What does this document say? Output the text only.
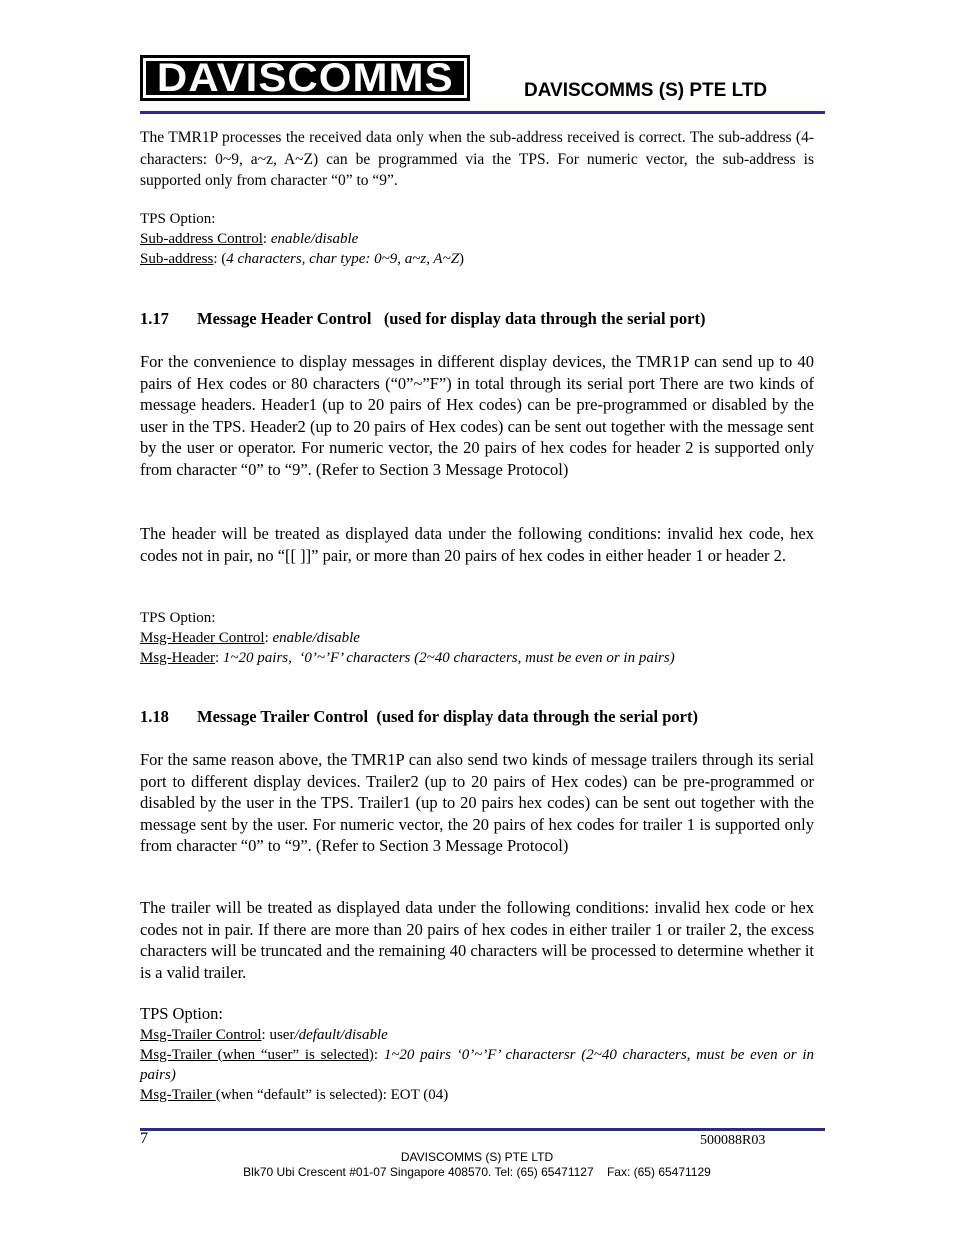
DAVISCOMMS	DAVISCOMMS (S) PTE LTD

The TMR1P processes the received data only when the sub-address received is correct. The sub-address (4-characters: 0~9, a~z, A~Z) can be programmed via the TPS. For numeric vector, the sub-address is supported only from character “0” to “9”.

TPS Option:

Sub-address Control: enable/disable

Sub-address: (4 characters, char type: 0~9, a~z, A~Z)

1.17 Message Header Control   (used for display data through the serial port)

For the convenience to display messages in different display devices, the TMR1P can send up to 40 pairs of Hex codes or 80 characters (“0”~”F”) in total through its serial port There are two kinds of message headers. Header1 (up to 20 pairs of Hex codes) can be pre-programmed or disabled by the user in the TPS. Header2 (up to 20 pairs of Hex codes) can be sent out together with the message sent by the user or operator. For numeric vector, the 20 pairs of hex codes for header 2 is supported only from character “0” to “9”. (Refer to Section 3 Message Protocol)

The header will be treated as displayed data under the following conditions: invalid hex code, hex codes not in pair, no “[[ ]]” pair, or more than 20 pairs of hex codes in either header 1 or header 2.

TPS Option:

Msg-Header Control: enable/disable

Msg-Header: 1~20 pairs,  ‘0’~’F’ characters (2~40 characters, must be even or in pairs)

1.18 Message Trailer Control  (used for display data through the serial port)

For the same reason above, the TMR1P can also send two kinds of message trailers through its serial port to different display devices. Trailer2 (up to 20 pairs of Hex codes) can be pre-programmed or disabled by the user in the TPS. Trailer1 (up to 20 pairs hex codes) can be sent out together with the message sent by the user. For numeric vector, the 20 pairs of hex codes for trailer 1 is supported only from character “0” to “9”. (Refer to Section 3 Message Protocol)

The trailer will be treated as displayed data under the following conditions: invalid hex code or hex codes not in pair. If there are more than 20 pairs of hex codes in either trailer 1 or trailer 2, the excess characters will be truncated and the remaining 40 characters will be processed to determine whether it is a valid trailer.

TPS Option:

Msg-Trailer Control: user/default/disable

Msg-Trailer (when “user” is selected): 1~20 pairs ‘0’~’F’ charactersr (2~40 characters, must be even or in pairs)

Msg-Trailer (when “default” is selected): EOT (04)

7	500088R03
DAVISCOMMS (S) PTE LTD
Blk70 Ubi Crescent #01-07 Singapore 408570. Tel: (65) 65471127    Fax: (65) 65471129
